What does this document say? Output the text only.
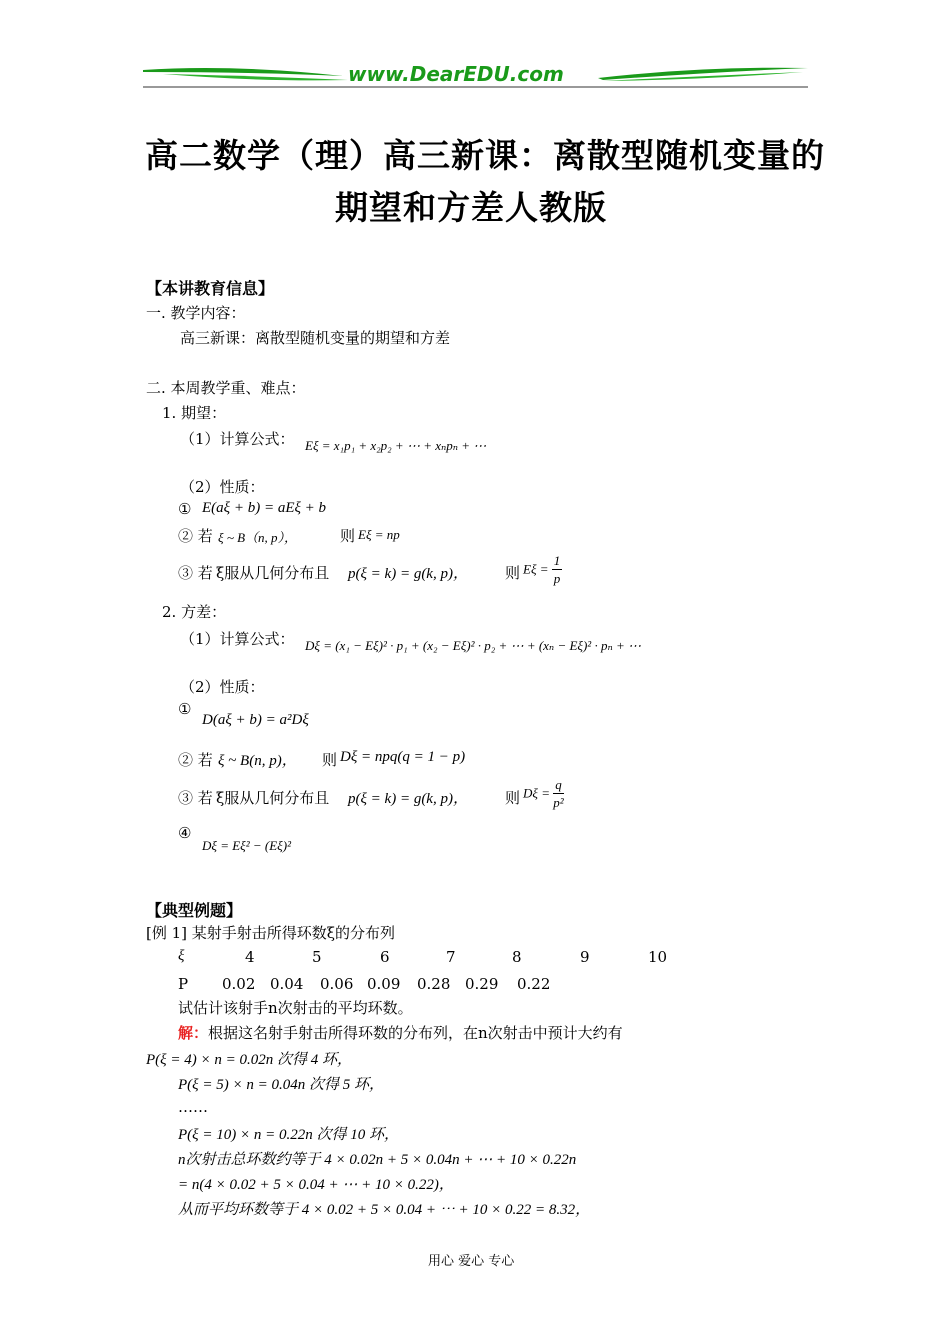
www.DearEDU.com
高二数学（理）高三新课：离散型随机变量的
期望和方差人教版
【本讲教育信息】
一. 教学内容：
高三新课：离散型随机变量的期望和方差
二. 本周教学重、难点：
1. 期望：
（1）计算公式： Eξ = x₁p₁ + x₂p₂ + ⋯ + xₙpₙ + ⋯
（2）性质：
① E(aξ + b) = aEξ + b
② 若 ξ ~ B（n, p），	则 Eξ = np
③ 若 ξ服从几何分布且 p(ξ = k) = g(k, p)， 则 $E\xi = \frac{1}{p}$
2. 方差：
（1）计算公式： Dξ = (x₁ − Eξ)² · p₁ + (x₂ − Eξ)² · p₂ + ⋯ + (xₙ − Eξ)² · pₙ + ⋯
（2）性质：
①
D(aξ + b) = a²Dξ
② 若 ξ ~ B(n, p)， 则 Dξ = npq(q = 1 − p)
③ 若 ξ服从几何分布且 p(ξ = k) = g(k, p)， 则 $D\xi = \frac{q}{\text{p²}}$
④
Dξ = Eξ² − (Eξ)²
【典型例题】
[例 1] 某射手射击所得环数ξ的分布列
ξ	4	5	6	7	8	9	10
P 0.02 0.04 0.06 0.09 0.28 0.29 0.22
试估计该射手n次射击的平均环数。
解：根据这名射手射击所得环数的分布列，在n次射击中预计大约有
P(ξ = 4) × n = 0.02n 次得 4 环，
P(ξ = 5) × n = 0.04n 次得 5 环，
……
P(ξ = 10) × n = 0.22n 次得 10 环，
n次射击总环数约等于 4 × 0.02n + 5 × 0.04n + ⋯ + 10 × 0.22n
= n(4 × 0.02 + 5 × 0.04 + ⋯ + 10 × 0.22)，
从而平均环数等于 4 × 0.02 + 5 × 0.04 + ⋯ + 10 × 0.22 = 8.32，
用心 爱心 专心
